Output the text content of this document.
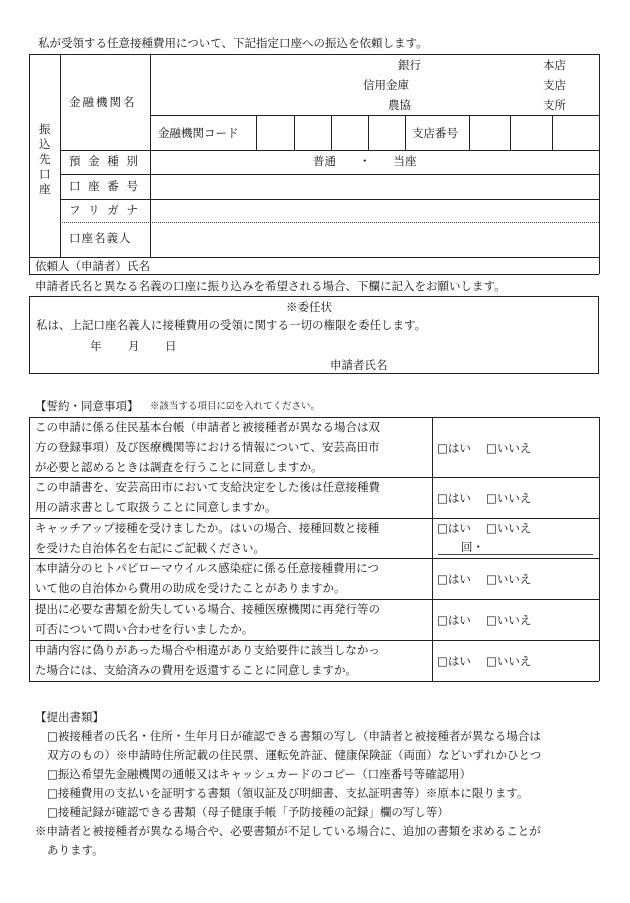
私が受領する任意接種費用について、下記指定口座への振込を依頼します。
振
込
先
口
座
金融機関名
銀行
信用金庫
農協
本店
支店
支所
金融機関コード	支店番号
預 金 種 別	普通　　・　　当座
口 座 番 号
フ リ ガ ナ
口座名義人
依頼人（申請者）氏名
申請者氏名と異なる名義の口座に振り込みを希望される場合、下欄に記入をお願いします。
※委任状
私は、上記口座名義人に接種費用の受領に関する一切の権限を委任します。
年 月 日
申請者氏名
【誓約・同意事項】 ※該当する項目に☑を入れてください。
この申請に係る住民基本台帳（申請者と被接種者が異なる場合は双
方の登録事項）及び医療機関等における情報について、安芸高田市
が必要と認めるときは調査を行うことに同意しますか。
□はい □いいえ
この申請書を、安芸高田市において支給決定をした後は任意接種費
用の請求書として取扱うことに同意しますか。
□はい □いいえ
キャッチアップ接種を受けましたか。はいの場合、接種回数と接種
を受けた自治体名を右記にご記載ください。
□はい □いいえ
回・
本申請分のヒトパピローマウイルス感染症に係る任意接種費用につ
いて他の自治体から費用の助成を受けたことがありますか。
□はい □いいえ
提出に必要な書類を紛失している場合、接種医療機関に再発行等の
可否について問い合わせを行いましたか。
□はい □いいえ
申請内容に偽りがあった場合や相違があり支給要件に該当しなかっ
た場合には、支給済みの費用を返還することに同意しますか。
□はい □いいえ
【提出書類】
□被接種者の氏名・住所・生年月日が確認できる書類の写し（申請者と被接種者が異なる場合は
双方のもの）※申請時住所記載の住民票、運転免許証、健康保険証（両面）などいずれかひとつ
□振込希望先金融機関の通帳又はキャッシュカードのコピー（口座番号等確認用）
□接種費用の支払いを証明する書類（領収証及び明細書、支払証明書等）※原本に限ります。
□接種記録が確認できる書類（母子健康手帳「予防接種の記録」欄の写し等）
※申請者と被接種者が異なる場合や、必要書類が不足している場合に、追加の書類を求めることが
あります。
